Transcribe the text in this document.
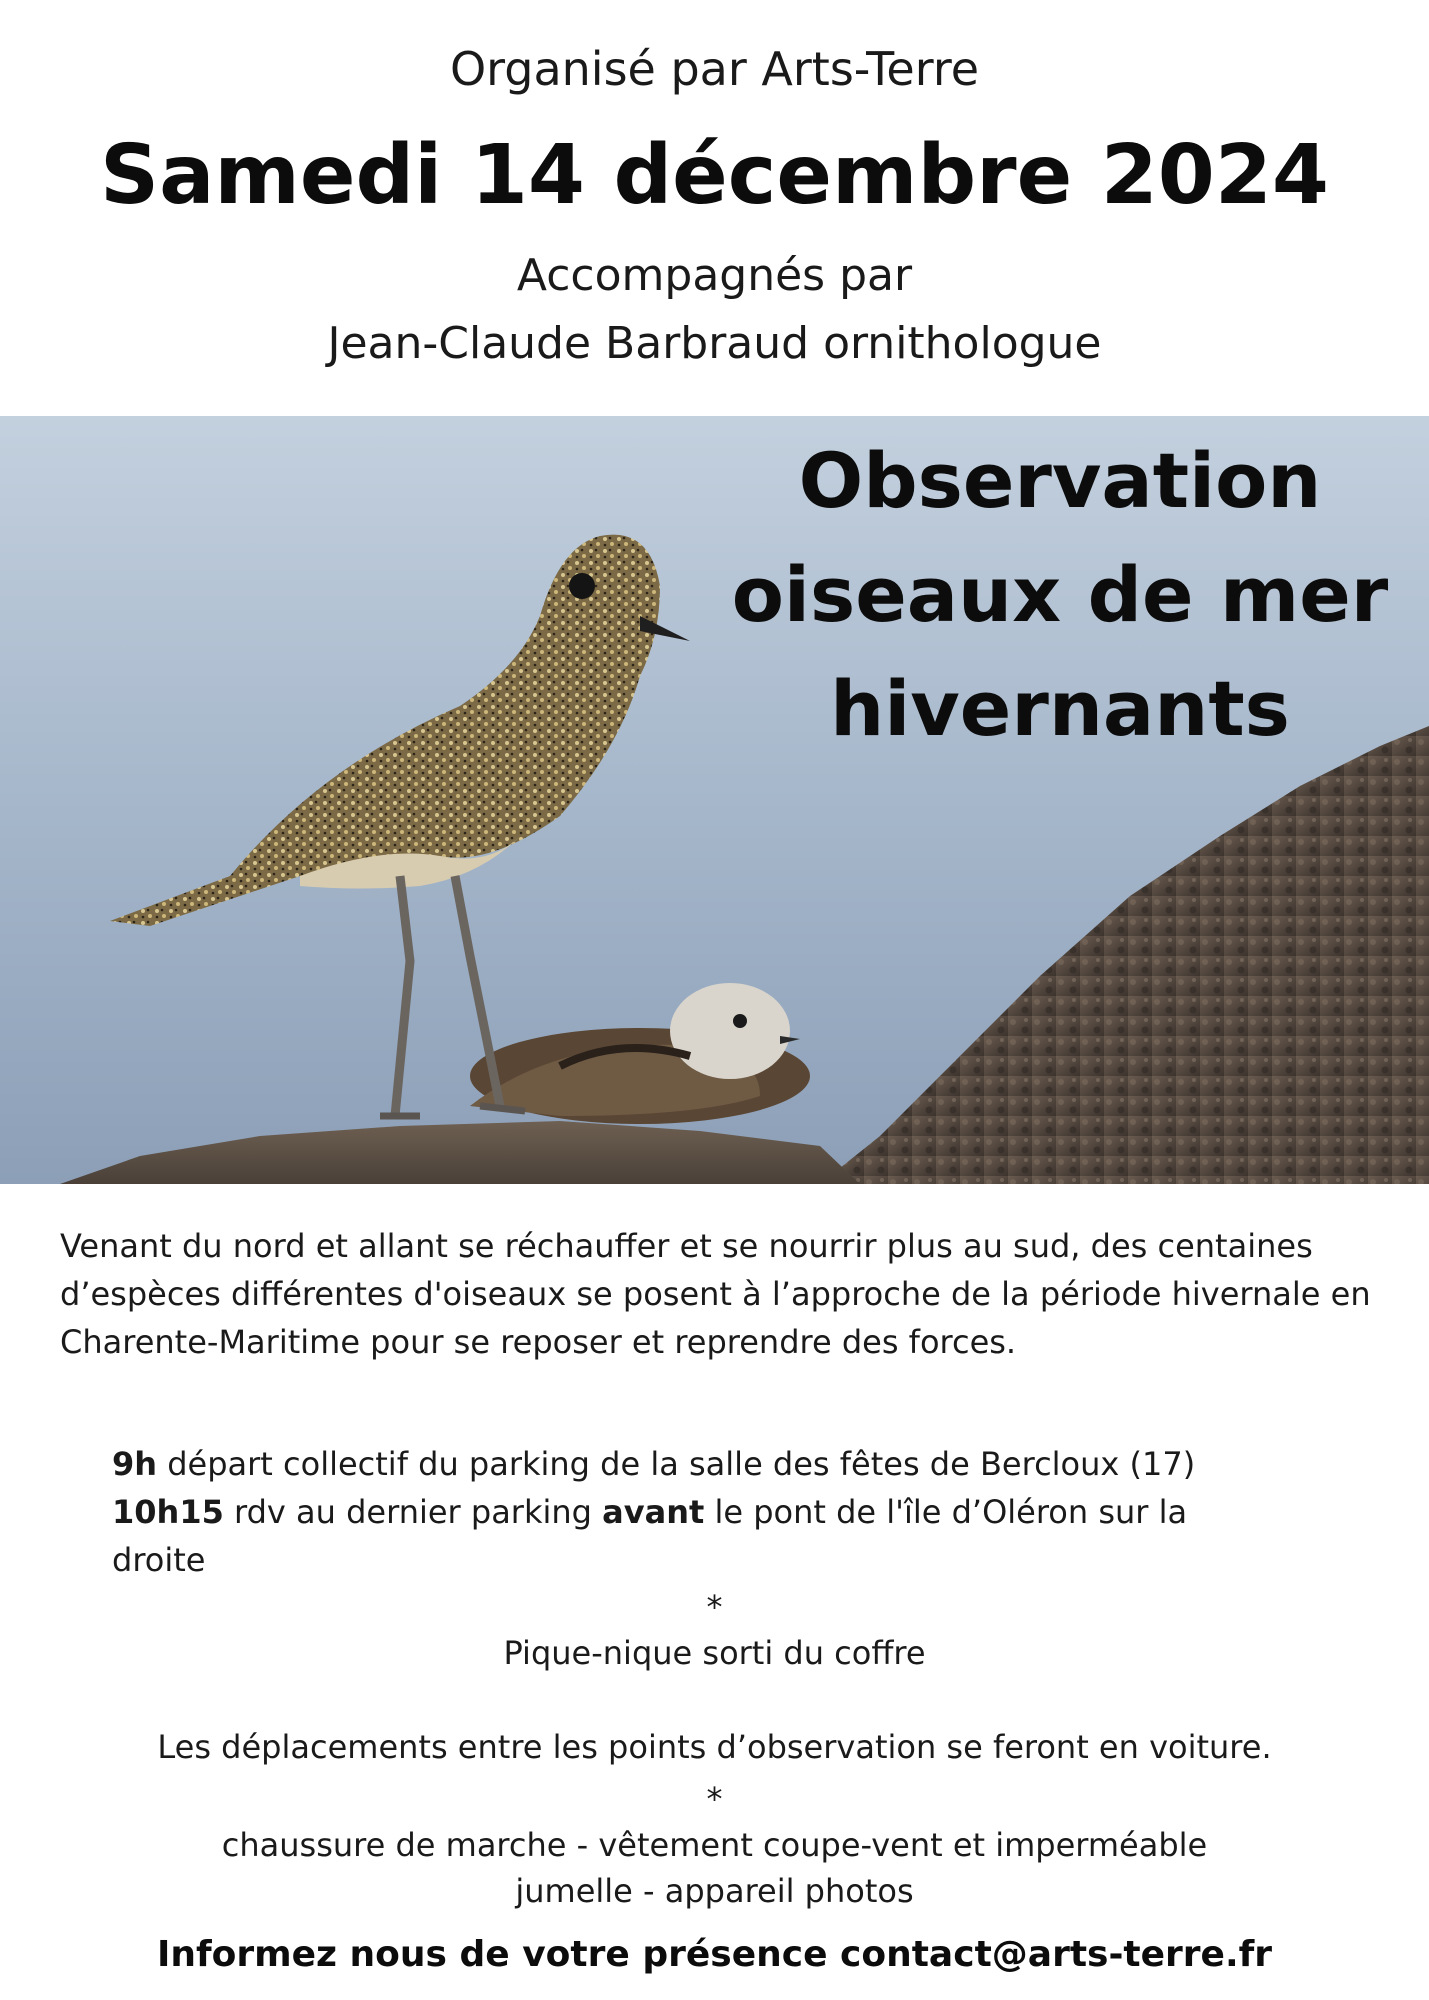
Organisé par Arts-Terre
Samedi 14 décembre 2024
Accompagnés par
Jean-Claude Barbraud ornithologue
Observation
oiseaux de mer
hivernants
Venant du nord et allant se réchauffer et se nourrir plus au sud, des centaines d’espèces différentes d'oiseaux se posent à l’approche de la période hivernale en Charente-Maritime pour se reposer et reprendre des forces.
9h départ collectif du parking de la salle des fêtes de Bercloux (17)
10h15 rdv au dernier parking avant le pont de l'île d’Oléron sur la droite
*
Pique-nique sorti du coffre
Les déplacements entre les points d’observation se feront en voiture.
*
chaussure de marche - vêtement coupe-vent et imperméable
jumelle - appareil photos
Informez nous de votre présence contact@arts-terre.fr
